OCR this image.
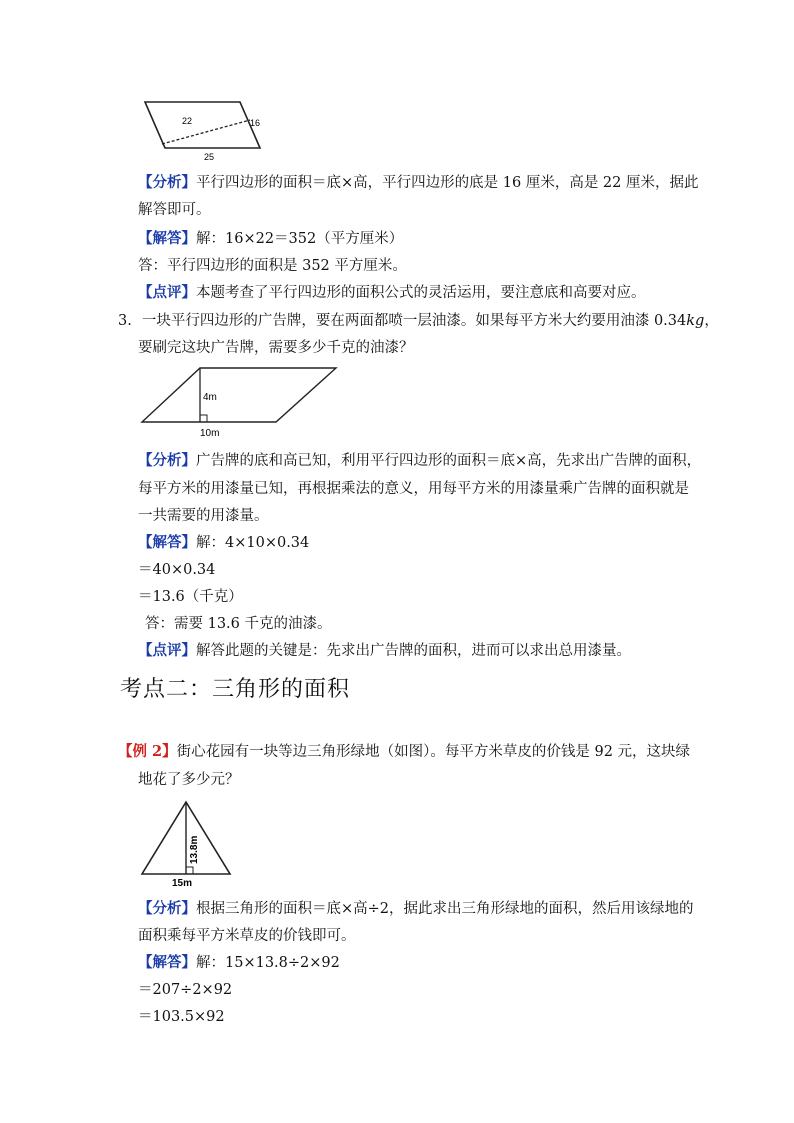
22	16
25
【分析】平行四边形的面积＝底×高，平行四边形的底是 16 厘米，高是 22 厘米，据此
解答即可。
【解答】解：16×22＝352（平方厘米）
答：平行四边形的面积是 352 平方厘米。
【点评】本题考查了平行四边形的面积公式的灵活运用，要注意底和高要对应。
3. 一块平行四边形的广告牌，要在两面都喷一层油漆。如果每平方米大约要用油漆 0.34kg，
要刷完这块广告牌，需要多少千克的油漆？
4m
10m
【分析】广告牌的底和高已知，利用平行四边形的面积＝底×高，先求出广告牌的面积，
每平方米的用漆量已知，再根据乘法的意义，用每平方米的用漆量乘广告牌的面积就是
一共需要的用漆量。
【解答】解：4×10×0.34
＝40×0.34
＝13.6（千克）
答：需要 13.6 千克的油漆。
【点评】解答此题的关键是：先求出广告牌的面积，进而可以求出总用漆量。
考点二：三角形的面积
【例 2】街心花园有一块等边三角形绿地（如图）。每平方米草皮的价钱是 92 元，这块绿
地花了多少元？
13.8m
15m
【分析】根据三角形的面积＝底×高÷2，据此求出三角形绿地的面积，然后用该绿地的
面积乘每平方米草皮的价钱即可。
【解答】解：15×13.8÷2×92
＝207÷2×92
＝103.5×92
